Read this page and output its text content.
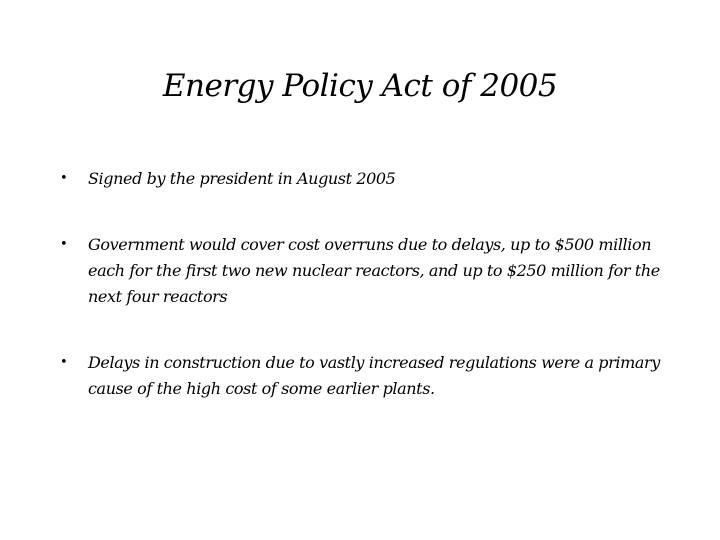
Energy Policy Act of 2005
• Signed by the president in August 2005
• Government would cover cost overruns due to delays, up to $500 million each for the first two new nuclear reactors, and up to $250 million for the next four reactors
• Delays in construction due to vastly increased regulations were a primary cause of the high cost of some earlier plants.
